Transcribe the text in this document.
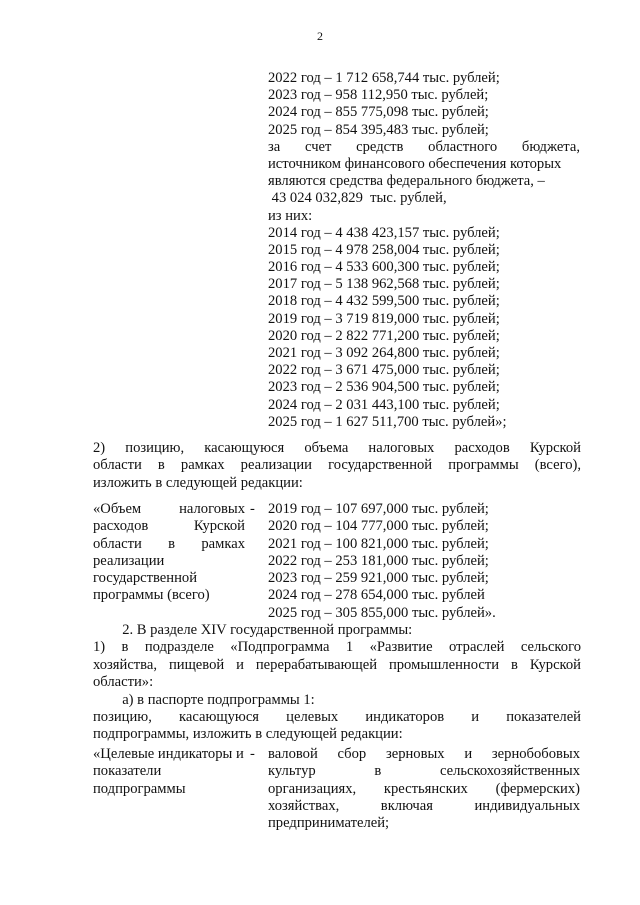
2
2022 год – 1 712 658,744 тыс. рублей;
2023 год – 958 112,950 тыс. рублей;
2024 год – 855 775,098 тыс. рублей;
2025 год – 854 395,483 тыс. рублей;
за счет средств областного бюджета,
источником финансового обеспечения которых
являются средства федерального бюджета, –
43 024 032,829  тыс. рублей,
из них:
2014 год – 4 438 423,157 тыс. рублей;
2015 год – 4 978 258,004 тыс. рублей;
2016 год – 4 533 600,300 тыс. рублей;
2017 год – 5 138 962,568 тыс. рублей;
2018 год – 4 432 599,500 тыс. рублей;
2019 год – 3 719 819,000 тыс. рублей;
2020 год – 2 822 771,200 тыс. рублей;
2021 год – 3 092 264,800 тыс. рублей;
2022 год – 3 671 475,000 тыс. рублей;
2023 год – 2 536 904,500 тыс. рублей;
2024 год – 2 031 443,100 тыс. рублей;
2025 год – 1 627 511,700 тыс. рублей»;
2) позицию, касающуюся объема налоговых расходов Курской
области в рамках реализации государственной программы (всего),
изложить в следующей редакции:
«Объем налоговых
расходов Курской
области в рамках
реализации
государственной
программы (всего)
- 2019 год – 107 697,000 тыс. рублей;
2020 год – 104 777,000 тыс. рублей;
2021 год – 100 821,000 тыс. рублей;
2022 год – 253 181,000 тыс. рублей;
2023 год – 259 921,000 тыс. рублей;
2024 год – 278 654,000 тыс. рублей
2025 год – 305 855,000 тыс. рублей».
2. В разделе XIV государственной программы:
1) в подразделе «Подпрограмма 1 «Развитие отраслей сельского
хозяйства, пищевой и перерабатывающей промышленности в Курской
области»:
а) в паспорте подпрограммы 1:
позицию, касающуюся целевых индикаторов и показателей
подпрограммы, изложить в следующей редакции:
«Целевые индикаторы и
показатели
подпрограммы
- валовой сбор зерновых и зернобобовых
культур в сельскохозяйственных
организациях, крестьянских (фермерских)
хозяйствах, включая индивидуальных
предпринимателей;
